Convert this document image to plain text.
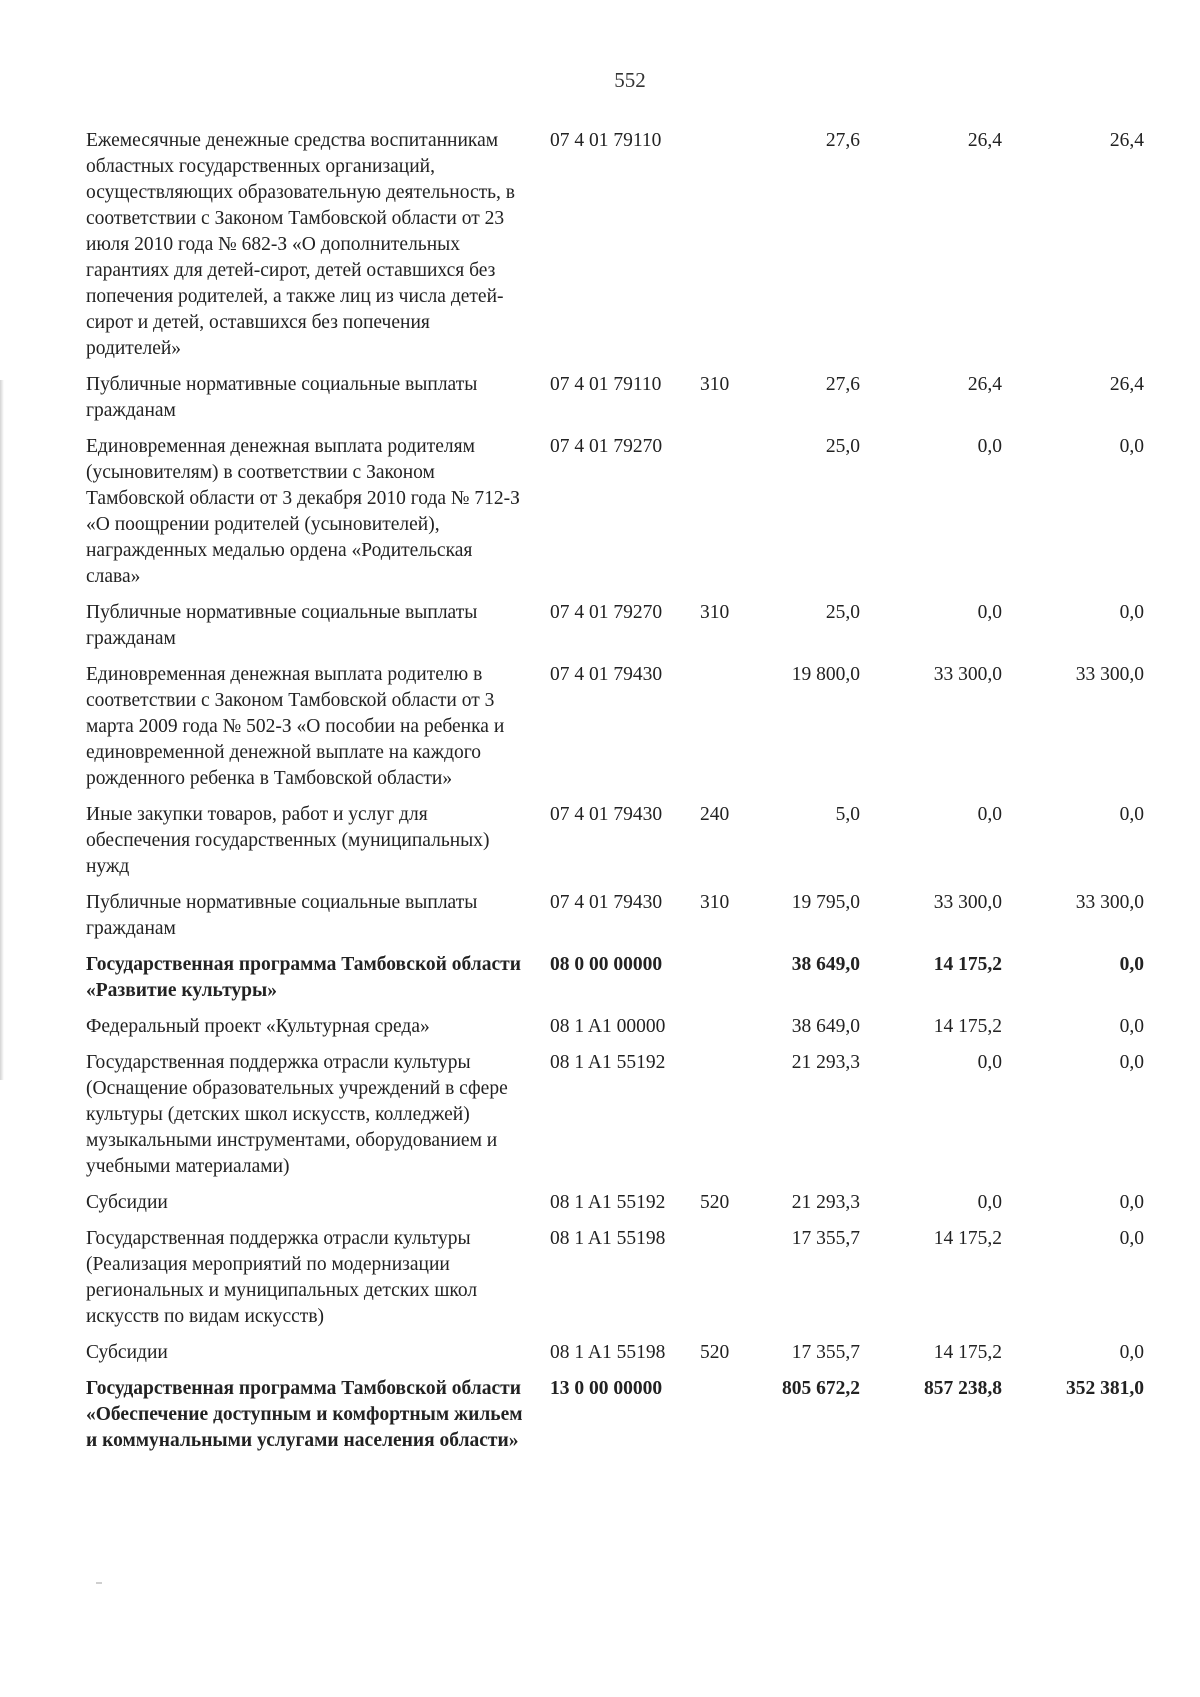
552
Ежемесячные денежные средства воспитанникам областных государственных организаций, осуществляющих образовательную деятельность, в соответствии с Законом Тамбовской области от 23 июля 2010 года № 682-З «О дополнительных гарантиях для детей-сирот, детей оставшихся без попечения родителей, а также лиц из числа детей-сирот и детей, оставшихся без попечения родителей»	07 4 01 79110		27,6	26,4	26,4
Публичные нормативные социальные выплаты гражданам	07 4 01 79110	310	27,6	26,4	26,4
Единовременная денежная выплата родителям (усыновителям) в соответствии с Законом Тамбовской области от 3 декабря 2010 года № 712-З «О поощрении родителей (усыновителей), награжденных медалью ордена «Родительская слава»	07 4 01 79270		25,0	0,0	0,0
Публичные нормативные социальные выплаты гражданам	07 4 01 79270	310	25,0	0,0	0,0
Единовременная денежная выплата родителю в соответствии с Законом Тамбовской области от 3 марта 2009 года № 502-З «О пособии на ребенка и единовременной денежной выплате на каждого рожденного ребенка в Тамбовской области»	07 4 01 79430		19 800,0	33 300,0	33 300,0
Иные закупки товаров, работ и услуг для обеспечения государственных (муниципальных) нужд	07 4 01 79430	240	5,0	0,0	0,0
Публичные нормативные социальные выплаты гражданам	07 4 01 79430	310	19 795,0	33 300,0	33 300,0
Государственная программа Тамбовской области «Развитие культуры»	08 0 00 00000		38 649,0	14 175,2	0,0
Федеральный проект «Культурная среда»	08 1 A1 00000		38 649,0	14 175,2	0,0
Государственная поддержка отрасли культуры (Оснащение образовательных учреждений в сфере культуры (детских школ искусств, колледжей) музыкальными инструментами, оборудованием и учебными материалами)	08 1 A1 55192		21 293,3	0,0	0,0
Субсидии	08 1 A1 55192	520	21 293,3	0,0	0,0
Государственная поддержка отрасли культуры (Реализация мероприятий по модернизации региональных и муниципальных детских школ искусств по видам искусств)	08 1 A1 55198		17 355,7	14 175,2	0,0
Субсидии	08 1 A1 55198	520	17 355,7	14 175,2	0,0
Государственная программа Тамбовской области «Обеспечение доступным и комфортным жильем и коммунальными услугами населения области»	13 0 00 00000		805 672,2	857 238,8	352 381,0
